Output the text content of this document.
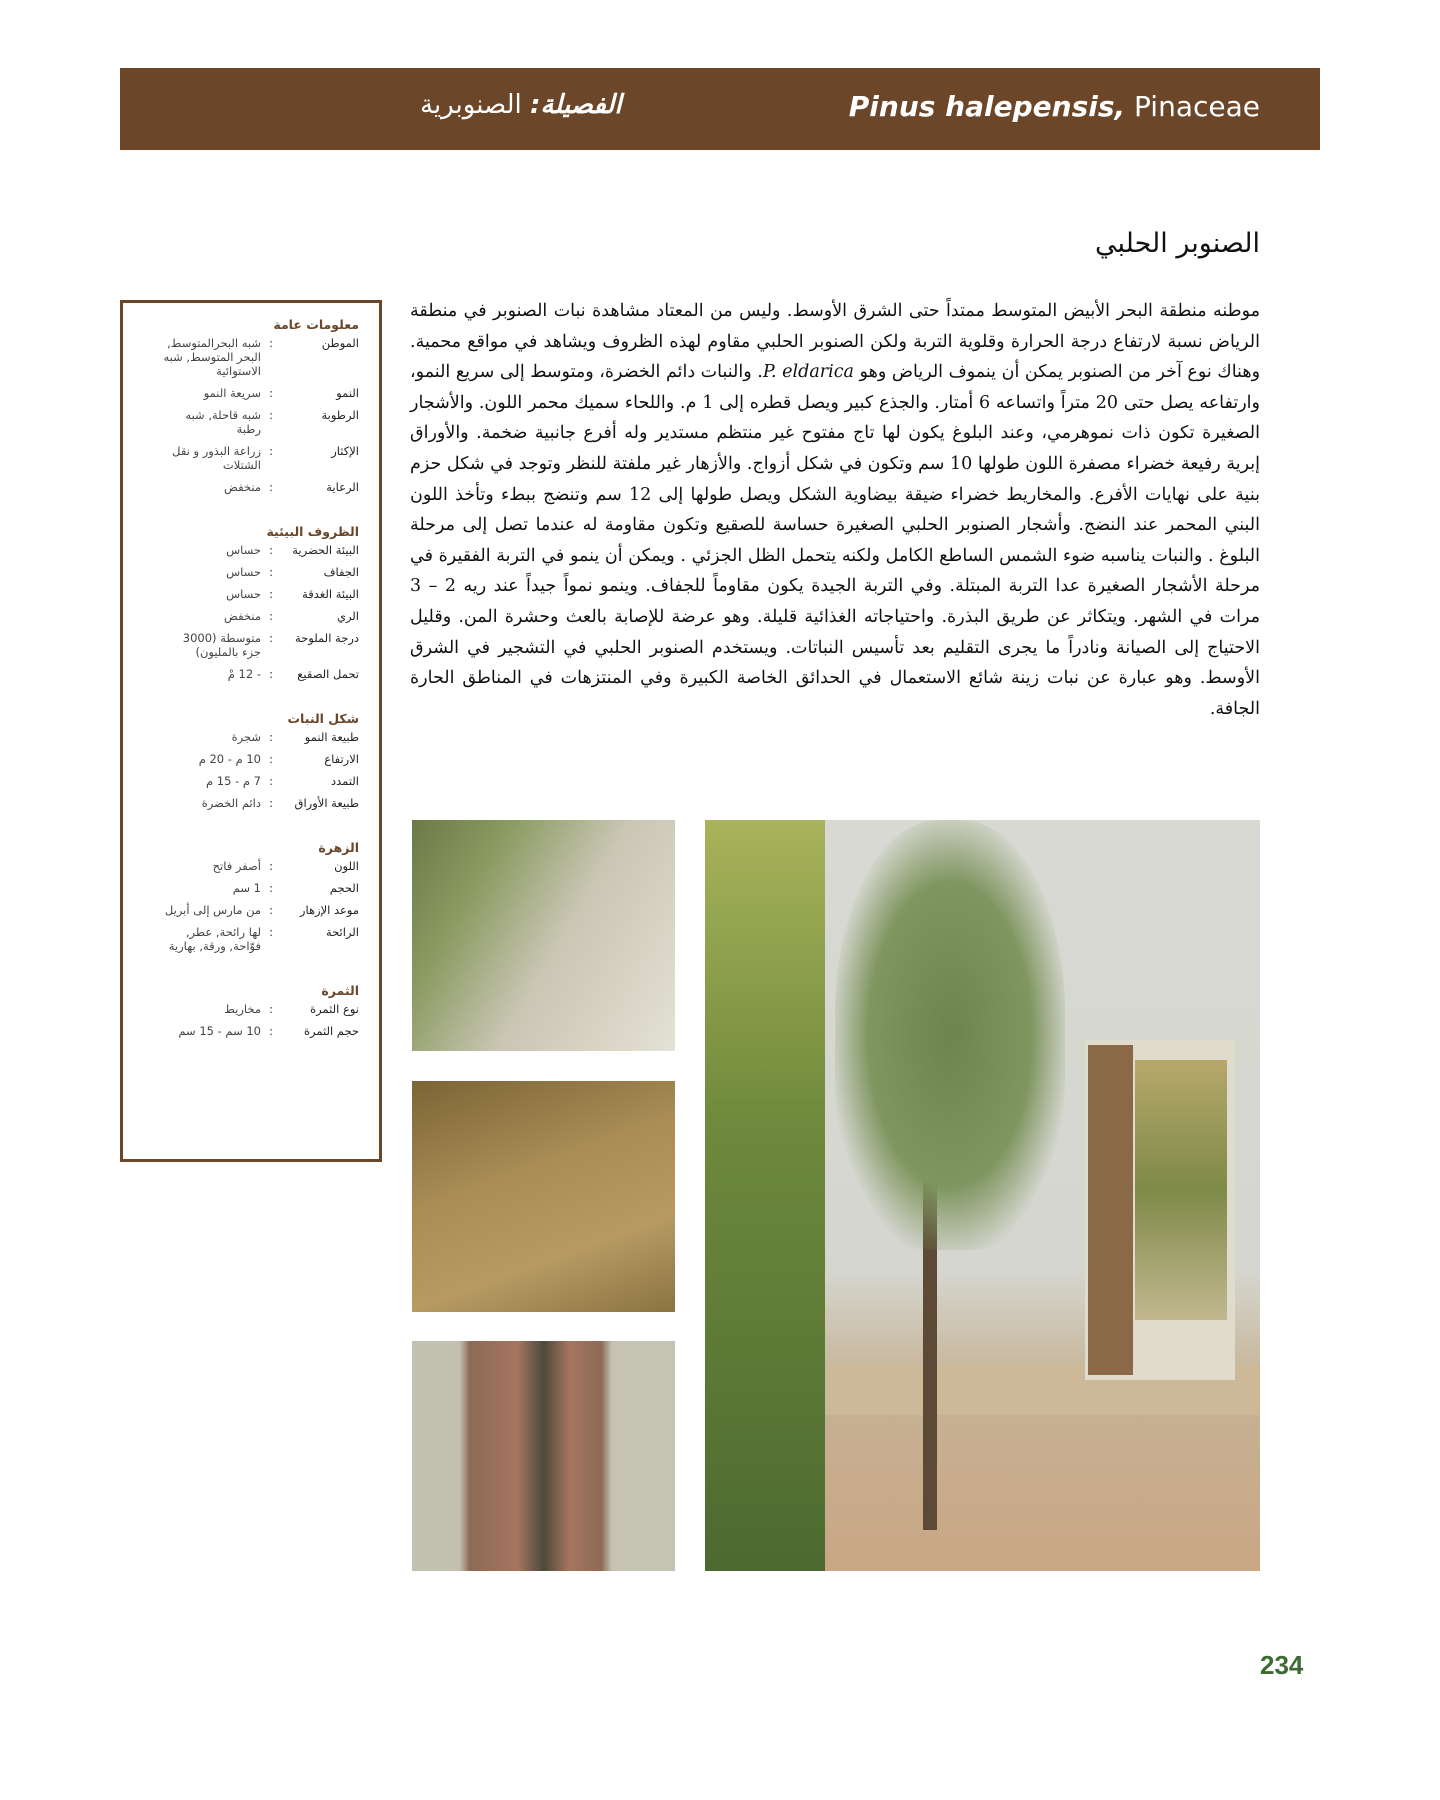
Pinus halepensis, Pinaceae
الفصيلة: الصنوبرية
الصنوبر الحلبي
موطنه منطقة البحر الأبيض المتوسط ممتداً حتى الشرق الأوسط. وليس من المعتاد مشاهدة نبات الصنوبر في منطقة الرياض نسبة لارتفاع درجة الحرارة وقلوية التربة ولكن الصنوبر الحلبي مقاوم لهذه الظروف ويشاهد في مواقع محمية. وهناك نوع آخر من الصنوبر يمكن أن ينموف الرياض وهو P. eldarica. والنبات دائم الخضرة، ومتوسط إلى سريع النمو، وارتفاعه يصل حتى 20 متراً واتساعه 6 أمتار. والجذع كبير ويصل قطره إلى 1 م. واللحاء سميك محمر اللون. والأشجار الصغيرة تكون ذات نموهرمي، وعند البلوغ يكون لها تاج مفتوح غير منتظم مستدير وله أفرع جانبية ضخمة. والأوراق إبرية رفيعة خضراء مصفرة اللون طولها 10 سم وتكون في شكل أزواج. والأزهار غير ملفتة للنظر وتوجد في شكل حزم بنية على نهايات الأفرع. والمخاريط خضراء ضيقة بيضاوية الشكل ويصل طولها إلى 12 سم وتنضج ببطء وتأخذ اللون البني المحمر عند النضج. وأشجار الصنوبر الحلبي الصغيرة حساسة للصقيع وتكون مقاومة له عندما تصل إلى مرحلة البلوغ . والنبات يناسبه ضوء الشمس الساطع الكامل ولكنه يتحمل الظل الجزئي . ويمكن أن ينمو في التربة الفقيرة في مرحلة الأشجار الصغيرة عدا التربة المبتلة. وفي التربة الجيدة يكون مقاوماً للجفاف. وينمو نمواً جيداً عند ريه 2 – 3 مرات في الشهر. ويتكاثر عن طريق البذرة. واحتياجاته الغذائية قليلة. وهو عرضة للإصابة بالعث وحشرة المن. وقليل الاحتياج إلى الصيانة ونادراً ما يجرى التقليم بعد تأسيس النباتات. ويستخدم الصنوبر الحلبي في التشجير في الشرق الأوسط. وهو عبارة عن نبات زينة شائع الاستعمال في الحدائق الخاصة الكبيرة وفي المنتزهات في المناطق الحارة الجافة.
معلومات عامة
الموطن
:
شبه البحرالمتوسط, البحر المتوسط, شبه الاستوائية
النمو
:
سريعة النمو
الرطوبة
:
شبه قاحلة, شبه رطبة
الإكثار
:
زراعة البذور و نقل الشتلات
الرعاية
:
منخفض
الظروف البيئية
البيئة الحضرية
:
حساس
الجفاف
:
حساس
البيئة الغدقة
:
حساس
الري
:
منخفض
درجة الملوحة
:
متوسطة (3000 جزء بالمليون)
تحمل الصقيع
:
- 12 مْ
شكل النبات
طبيعة النمو
:
شجرة
الارتفاع
:
10 م - 20 م
التمدد
:
7 م - 15 م
طبيعة الأوراق
:
دائم الخضرة
الزهرة
اللون
:
أصفر فاتح
الحجم
:
1 سم
موعد الإزهار
:
من مارس إلى أبريل
الرائحة
:
لها رائحة, عطر, فوّاحة, ورقة, بهارية
الثمرة
نوع الثمرة
:
مخاريط
حجم الثمرة
:
10 سم - 15 سم
234
